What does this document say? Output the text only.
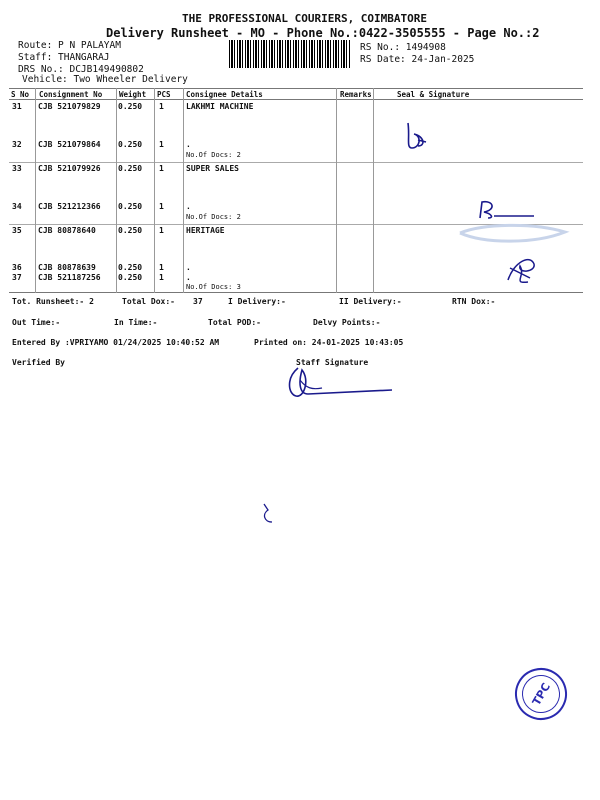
THE PROFESSIONAL COURIERS, COIMBATORE
Delivery Runsheet - MO - Phone No.:0422-3505555 - Page No.:2
Route: P N PALAYAM
Staff: THANGARAJ
DRS No.: DCJB149490802
Vehicle: Two Wheeler Delivery
RS No.: 1494908
RS Date: 24-Jan-2025
S No Consignment No Weight PCS Consignee Details	Remarks	Seal & Signature
31 CJB 521079829 0.250 1	LAKHMI MACHINE
32 CJB 521079864 0.250 1	.
No.Of Docs: 2
33 CJB 521079926 0.250 1	SUPER SALES
34 CJB 521212366 0.250 1	.
No.Of Docs: 2
35 CJB 80878640	0.250 1	HERITAGE
36 CJB 80878639	0.250 1	.
37 CJB 521187256 0.250 1	.
No.Of Docs: 3
Tot. Runsheet:- 2	Total Dox:- 37	I Delivery:-	II Delivery:-	RTN Dox:-
Out Time:-	In Time:-	Total POD:-	Delvy Points:-
Entered By :VPRIYAMO 01/24/2025 10:40:52 AM	Printed on: 24-01-2025 10:43:05
Verified By	Staff Signature
TPC
